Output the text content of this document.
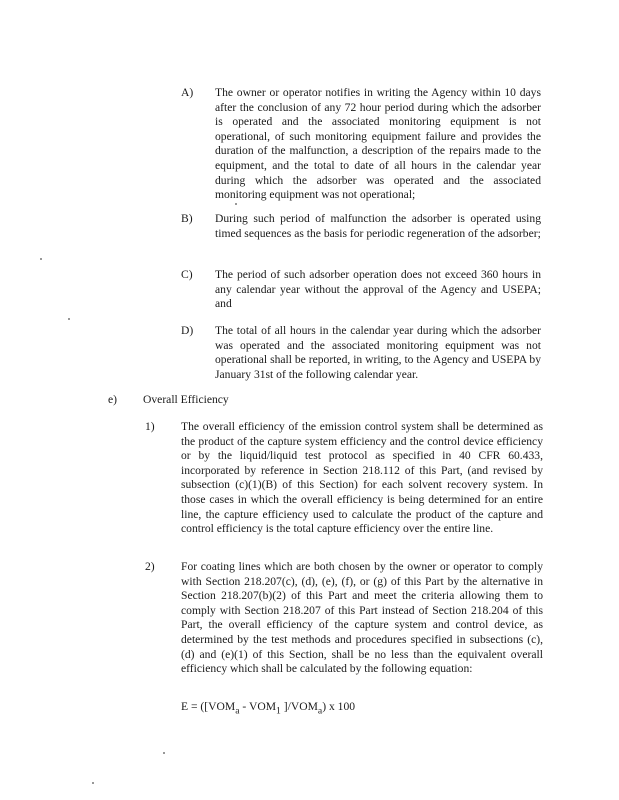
A) The owner or operator notifies in writing the Agency within 10 days after the conclusion of any 72 hour period during which the adsorber is operated and the associated monitoring equipment is not operational, of such monitoring equipment failure and provides the duration of the malfunction, a description of the repairs made to the equipment, and the total to date of all hours in the calendar year during which the adsorber was operated and the associated monitoring equipment was not operational;
B) During such period of malfunction the adsorber is operated using timed sequences as the basis for periodic regeneration of the adsorber;
C) The period of such adsorber operation does not exceed 360 hours in any calendar year without the approval of the Agency and USEPA; and
D) The total of all hours in the calendar year during which the adsorber was operated and the associated monitoring equipment was not operational shall be reported, in writing, to the Agency and USEPA by January 31st of the following calendar year.
e) Overall Efficiency
1) The overall efficiency of the emission control system shall be determined as the product of the capture system efficiency and the control device efficiency or by the liquid/liquid test protocol as specified in 40 CFR 60.433, incorporated by reference in Section 218.112 of this Part, (and revised by subsection (c)(1)(B) of this Section) for each solvent recovery system. In those cases in which the overall efficiency is being determined for an entire line, the capture efficiency used to calculate the product of the capture and control efficiency is the total capture efficiency over the entire line.
2) For coating lines which are both chosen by the owner or operator to comply with Section 218.207(c), (d), (e), (f), or (g) of this Part by the alternative in Section 218.207(b)(2) of this Part and meet the criteria allowing them to comply with Section 218.207 of this Part instead of Section 218.204 of this Part, the overall efficiency of the capture system and control device, as determined by the test methods and procedures specified in subsections (c), (d) and (e)(1) of this Section, shall be no less than the equivalent overall efficiency which shall be calculated by the following equation:
$E = ([VOM_a - VOM_1$ ]$/VOM_a$) x 100
